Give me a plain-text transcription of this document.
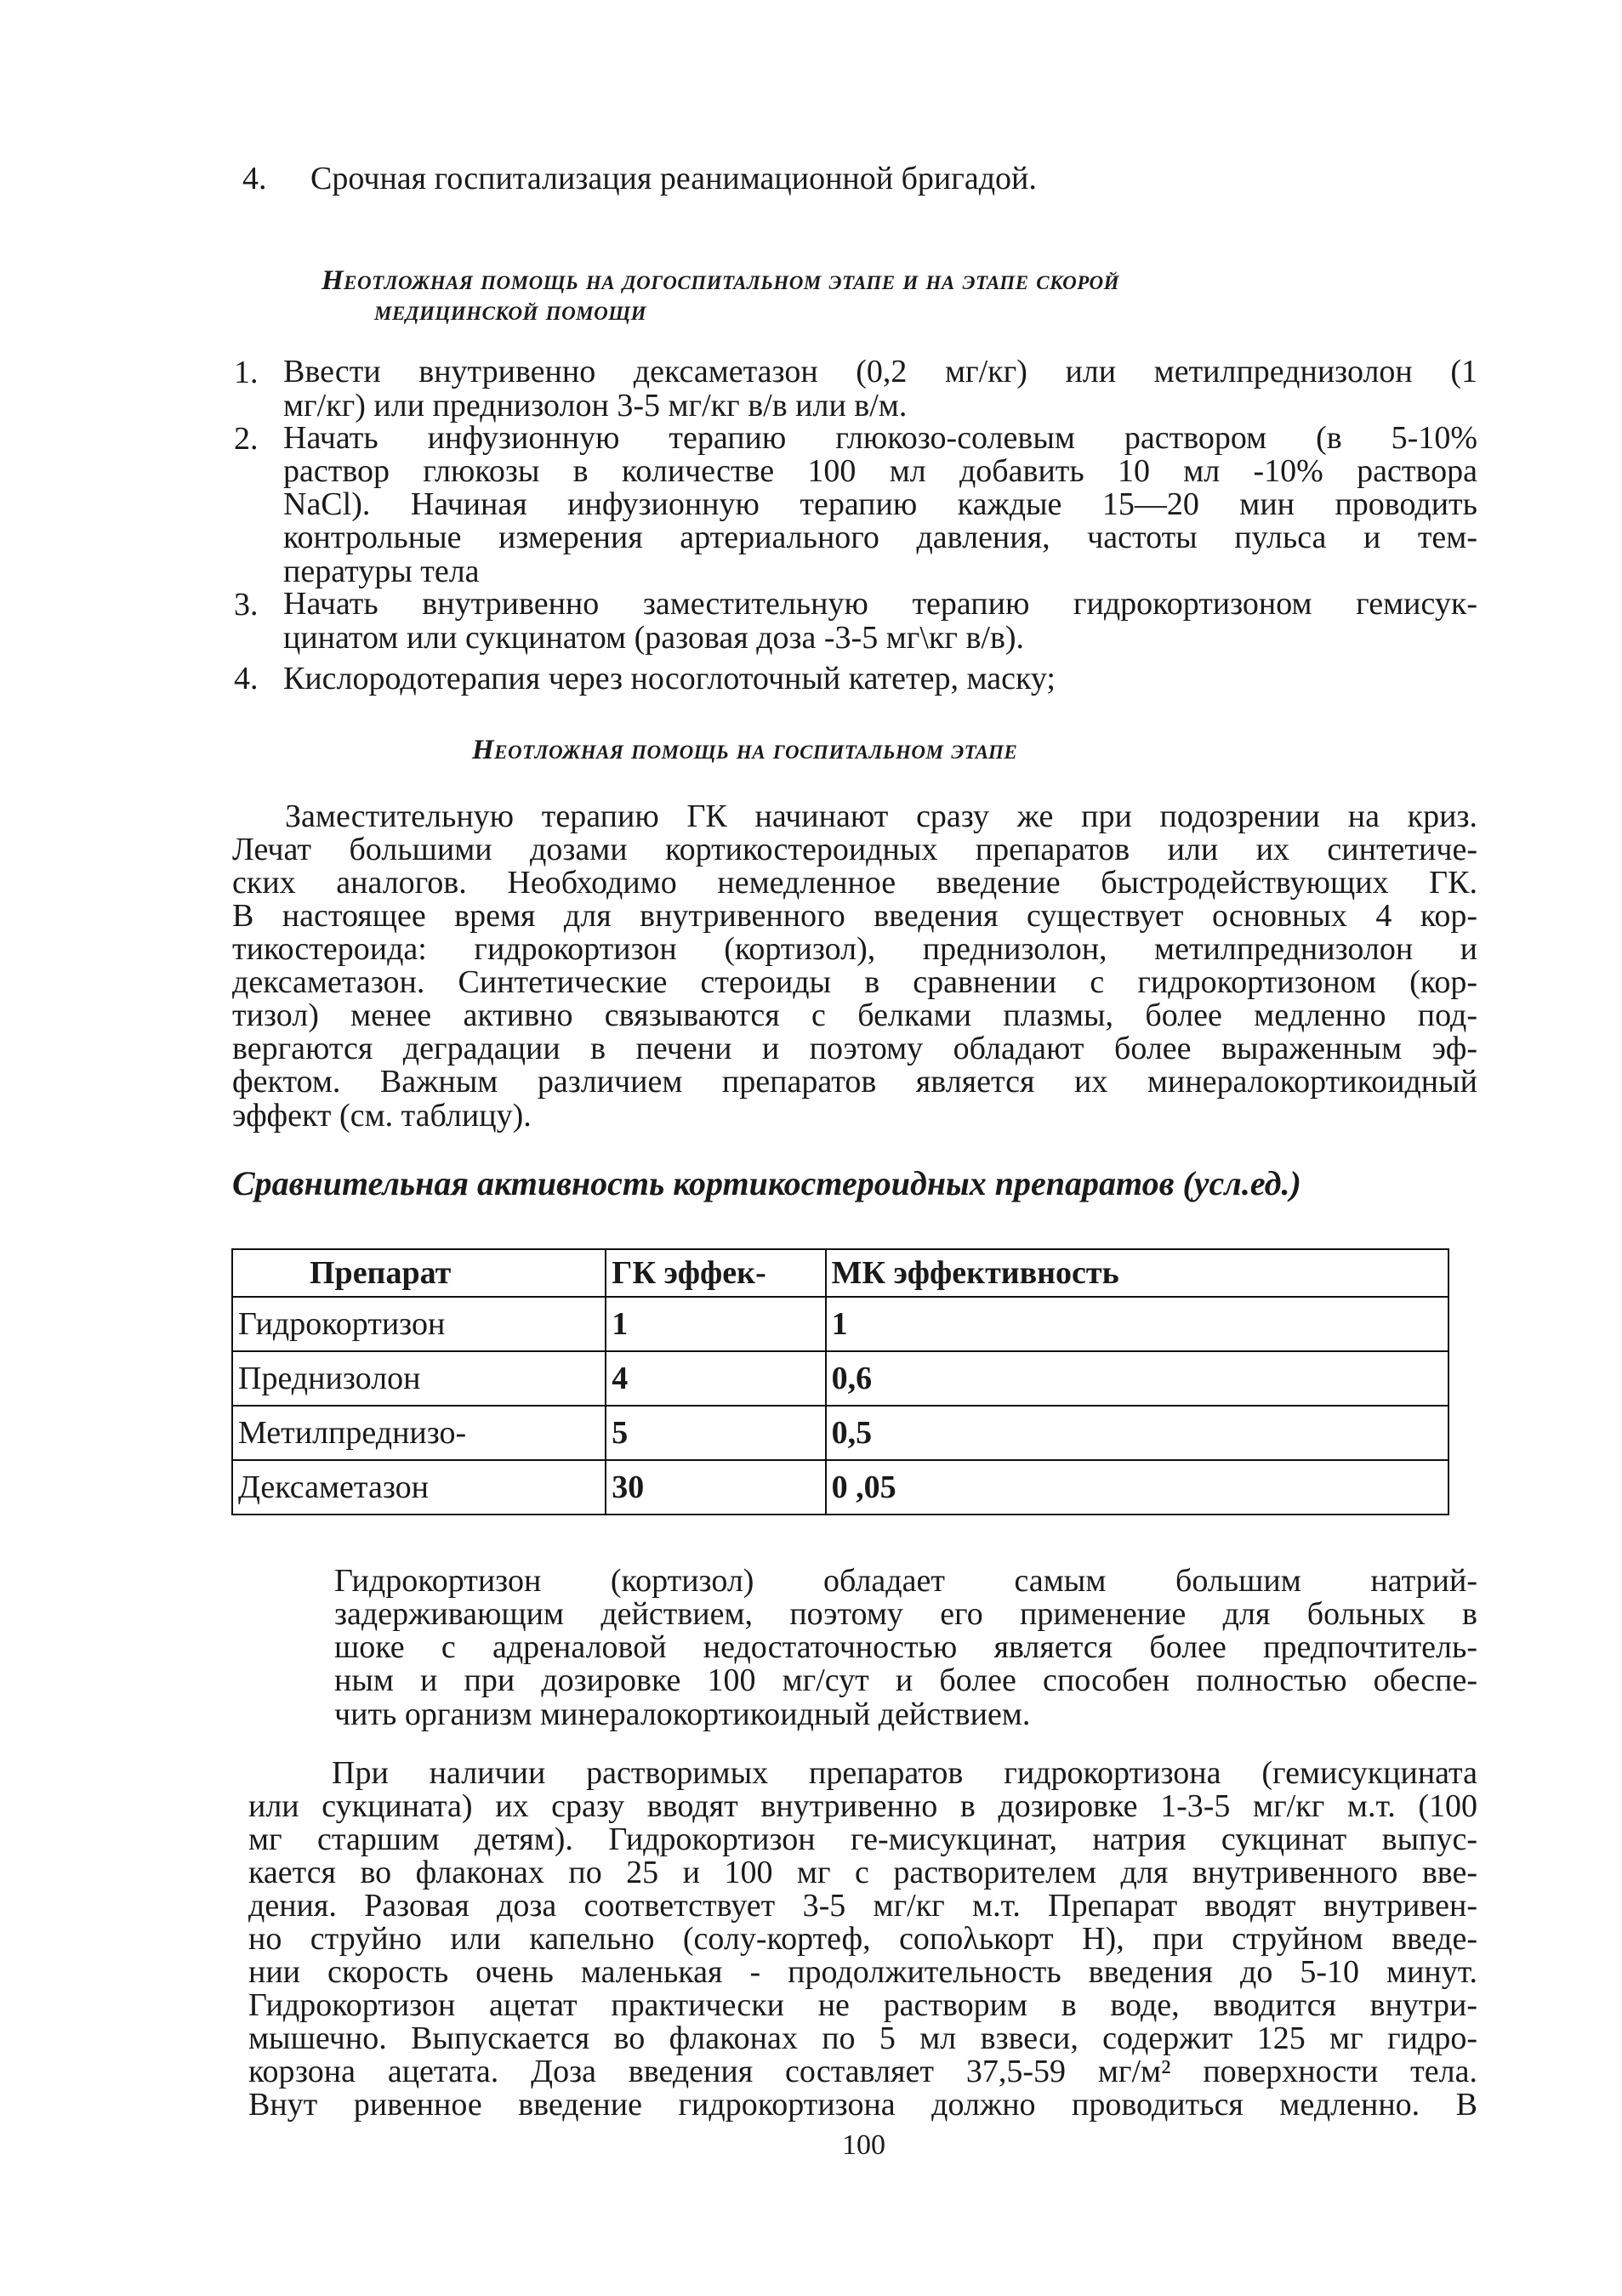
4. Срочная госпитализация реанимационной бригадой.
Неотложная помощь на догоспитальном этапе и на этапе скорой
медицинской помощи
1. Ввести внутривенно дексаметазон (0,2 мг/кг) или метилпреднизолон (1
мг/кг) или преднизолон 3-5 мг/кг в/в или в/м.
2. Начать инфузионную терапию глюкозо-солевым раствором (в 5-10%
раствор глюкозы в количестве 100 мл добавить 10 мл -10% раствора
NaCl). Начиная инфузионную терапию каждые 15—20 мин проводить
контрольные измерения артериального давления, частоты пульса и тем-
пературы тела
3. Начать внутривенно заместительную терапию гидрокортизоном гемисук-
цинатом или сукцинатом (разовая доза -3-5 мг\кг в/в).
4. Кислородотерапия через носоглоточный катетер, маску;
Неотложная помощь на госпитальном этапе
Заместительную терапию ГК начинают сразу же при подозрении на криз.
Лечат большими дозами кортикостероидных препаратов или их синтетиче-
ских аналогов. Необходимо немедленное введение быстродействующих ГК.
В настоящее время для внутривенного введения существует основных 4 кор-
тикостероида: гидрокортизон (кортизол), преднизолон, метилпреднизолон и
дексаметазон. Синтетические стероиды в сравнении с гидрокортизоном (кор-
тизол) менее активно связываются с белками плазмы, более медленно под-
вергаются деградации в печени и поэтому обладают более выраженным эф-
фектом. Важным различием препаратов является их минералокортикоидный
эффект (см. таблицу).
Сравнительная активность кортикостероидных препаратов (усл.ед.)
Препарат	ГК эффек-	МК эффективность
Гидрокортизон	1	1
Преднизолон	4	0,6
Метилпреднизо-	5	0,5
Дексаметазон	30	0 ,05
Гидрокортизон (кортизол) обладает самым большим натрий-
задерживающим действием, поэтому его применение для больных в
шоке с адреналовой недостаточностью является более предпочтитель-
ным и при дозировке 100 мг/сут и более способен полностью обеспе-
чить организм минералокортикоидный действием.
При наличии растворимых препаратов гидрокортизона (гемисукцината
или сукцината) их сразу вводят внутривенно в дозировке 1-3-5 мг/кг м.т. (100
мг старшим детям). Гидрокортизон ге-мисукцинат, натрия сукцинат выпус-
кается во флаконах по 25 и 100 мг с растворителем для внутривенного вве-
дения. Разовая доза соответствует 3-5 мг/кг м.т. Препарат вводят внутривен-
но струйно или капельно (солу-кортеф, сопολькорт Н), при струйном введе-
нии скорость очень маленькая - продолжительность введения до 5-10 минут.
Гидрокортизон ацетат практически не растворим в воде, вводится внутри-
мышечно. Выпускается во флаконах по 5 мл взвеси, содержит 125 мг гидро-
корзона ацетата. Доза введения составляет 37,5-59 мг/м² поверхности тела.
Внут ривенное введение гидрокортизона должно проводиться медленно. В
100
